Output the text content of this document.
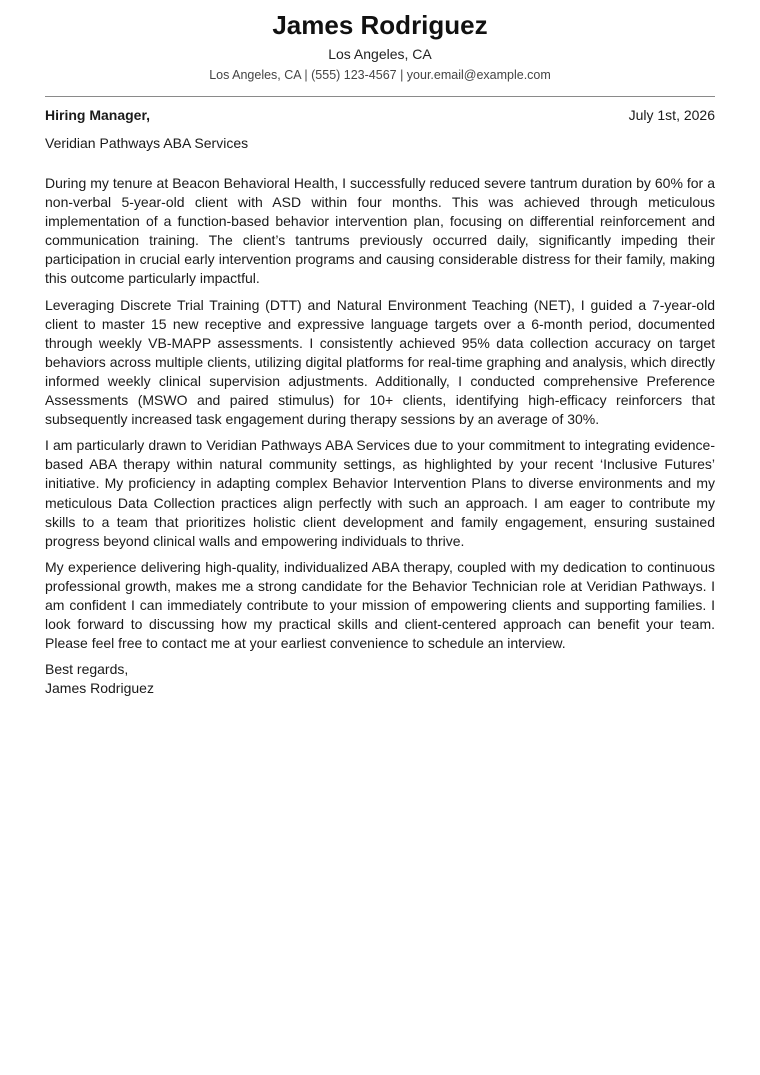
James Rodriguez
Los Angeles, CA
Los Angeles, CA | (555) 123-4567 | your.email@example.com
Hiring Manager,	July 1st, 2026
Veridian Pathways ABA Services

During my tenure at Beacon Behavioral Health, I successfully reduced severe tantrum duration by 60% for a non-verbal 5-year-old client with ASD within four months. This was achieved through meticulous implementation of a function-based behavior intervention plan, focusing on differential reinforcement and communication training. The client’s tantrums previously occurred daily, significantly impeding their participation in crucial early intervention programs and causing considerable distress for their family, making this outcome particularly impactful.

Leveraging Discrete Trial Training (DTT) and Natural Environment Teaching (NET), I guided a 7-year-old client to master 15 new receptive and expressive language targets over a 6-month period, documented through weekly VB-MAPP assessments. I consistently achieved 95% data collection accuracy on target behaviors across multiple clients, utilizing digital platforms for real-time graphing and analysis, which directly informed weekly clinical supervision adjustments. Additionally, I conducted comprehensive Preference Assessments (MSWO and paired stimulus) for 10+ clients, identifying high-efficacy reinforcers that subsequently increased task engagement during therapy sessions by an average of 30%.

I am particularly drawn to Veridian Pathways ABA Services due to your commitment to integrating evidence-based ABA therapy within natural community settings, as highlighted by your recent ‘Inclusive Futures’ initiative. My proficiency in adapting complex Behavior Intervention Plans to diverse environments and my meticulous Data Collection practices align perfectly with such an approach. I am eager to contribute my skills to a team that prioritizes holistic client development and family engagement, ensuring sustained progress beyond clinical walls and empowering individuals to thrive.

My experience delivering high-quality, individualized ABA therapy, coupled with my dedication to continuous professional growth, makes me a strong candidate for the Behavior Technician role at Veridian Pathways. I am confident I can immediately contribute to your mission of empowering clients and supporting families. I look forward to discussing how my practical skills and client-centered approach can benefit your team. Please feel free to contact me at your earliest convenience to schedule an interview.

Best regards,
James Rodriguez
